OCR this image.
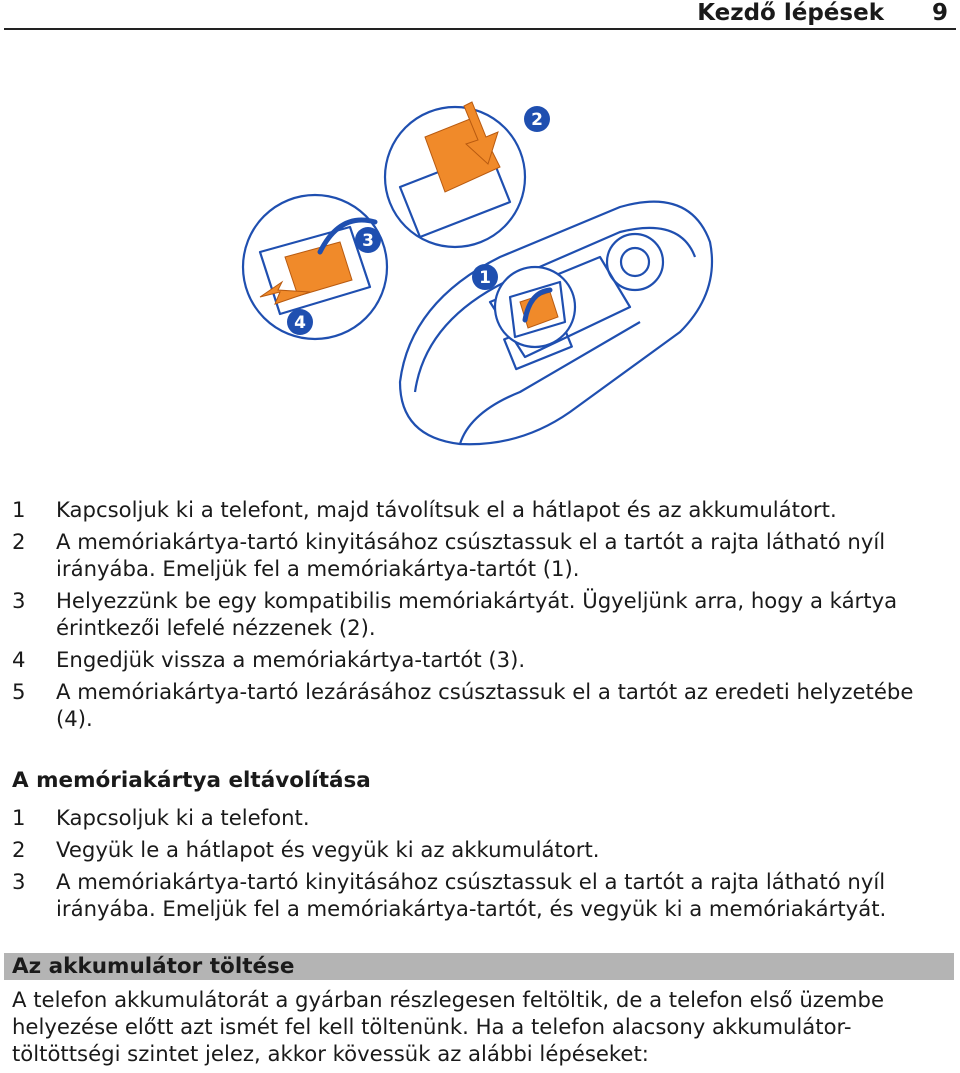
Kezdő lépések 9
2
3
1
4
1 Kapcsoljuk ki a telefont, majd távolítsuk el a hátlapot és az akkumulátort.
2 A memóriakártya-tartó kinyitásához csúsztassuk el a tartót a rajta látható nyíl irányába. Emeljük fel a memóriakártya-tartót (1).
3 Helyezzünk be egy kompatibilis memóriakártyát. Ügyeljünk arra, hogy a kártya érintkezői lefelé nézzenek (2).
4 Engedjük vissza a memóriakártya-tartót (3).
5 A memóriakártya-tartó lezárásához csúsztassuk el a tartót az eredeti helyzetébe (4).
A memóriakártya eltávolítása
1 Kapcsoljuk ki a telefont.
2 Vegyük le a hátlapot és vegyük ki az akkumulátort.
3 A memóriakártya-tartó kinyitásához csúsztassuk el a tartót a rajta látható nyíl irányába. Emeljük fel a memóriakártya-tartót, és vegyük ki a memóriakártyát.
Az akkumulátor töltése
A telefon akkumulátorát a gyárban részlegesen feltöltik, de a telefon első üzembe helyezése előtt azt ismét fel kell töltenünk. Ha a telefon alacsony akkumulátor-töltöttségi szintet jelez, akkor kövessük az alábbi lépéseket:
